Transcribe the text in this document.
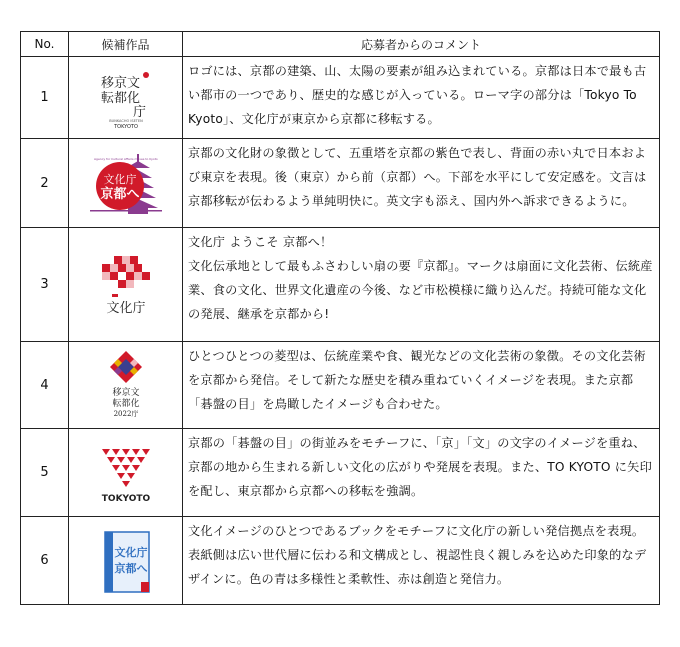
No.	候補作品	応募者からのコメント
1	移京文
転都化
庁
BUNKACHO ISETEN
TOKYOTO	ロゴには、京都の建築、山、太陽の要素が組み込まれている。京都は日本で最も古い都市の一つであり、歴史的な感じが入っている。ローマ字の部分は「Tokyo To Kyoto」、文化庁が東京から京都に移転する。
2	文化庁
京都へ
Agency for Cultural Affairs moves to Kyoto	京都の文化財の象徴として、五重塔を京都の紫色で表し、背面の赤い丸で日本および東京を表現。後（東京）から前（京都）へ。下部を水平にして安定感を。文言は京都移転が伝わるよう単純明快に。英文字も添え、国内外へ訴求できるように。
3	文化庁	文化庁 ようこそ 京都へ！
文化伝承地として最もふさわしい扇の要『京都』。マークは扇面に文化芸術、伝統産業、食の文化、世界文化遺産の今後、など市松模様に織り込んだ。持続可能な文化の発展、継承を京都から!
4	移京文
転都化
2022庁	ひとつひとつの菱型は、伝統産業や食、観光などの文化芸術の象徴。その文化芸術を京都から発信。そして新たな歴史を積み重ねていくイメージを表現。また京都「碁盤の目」を鳥瞰したイメージも合わせた。
5	TOKYOTO	京都の「碁盤の目」の街並みをモチーフに、「京」「文」の文字のイメージを重ね、京都の地から生まれる新しい文化の広がりや発展を表現。また、TO KYOTO に矢印を配し、東京都から京都への移転を強調。
6	文化庁
京都へ	文化イメージのひとつであるブックをモチーフに文化庁の新しい発信拠点を表現。表紙側は広い世代層に伝わる和文構成とし、視認性良く親しみを込めた印象的なデザインに。色の青は多様性と柔軟性、赤は創造と発信力。
